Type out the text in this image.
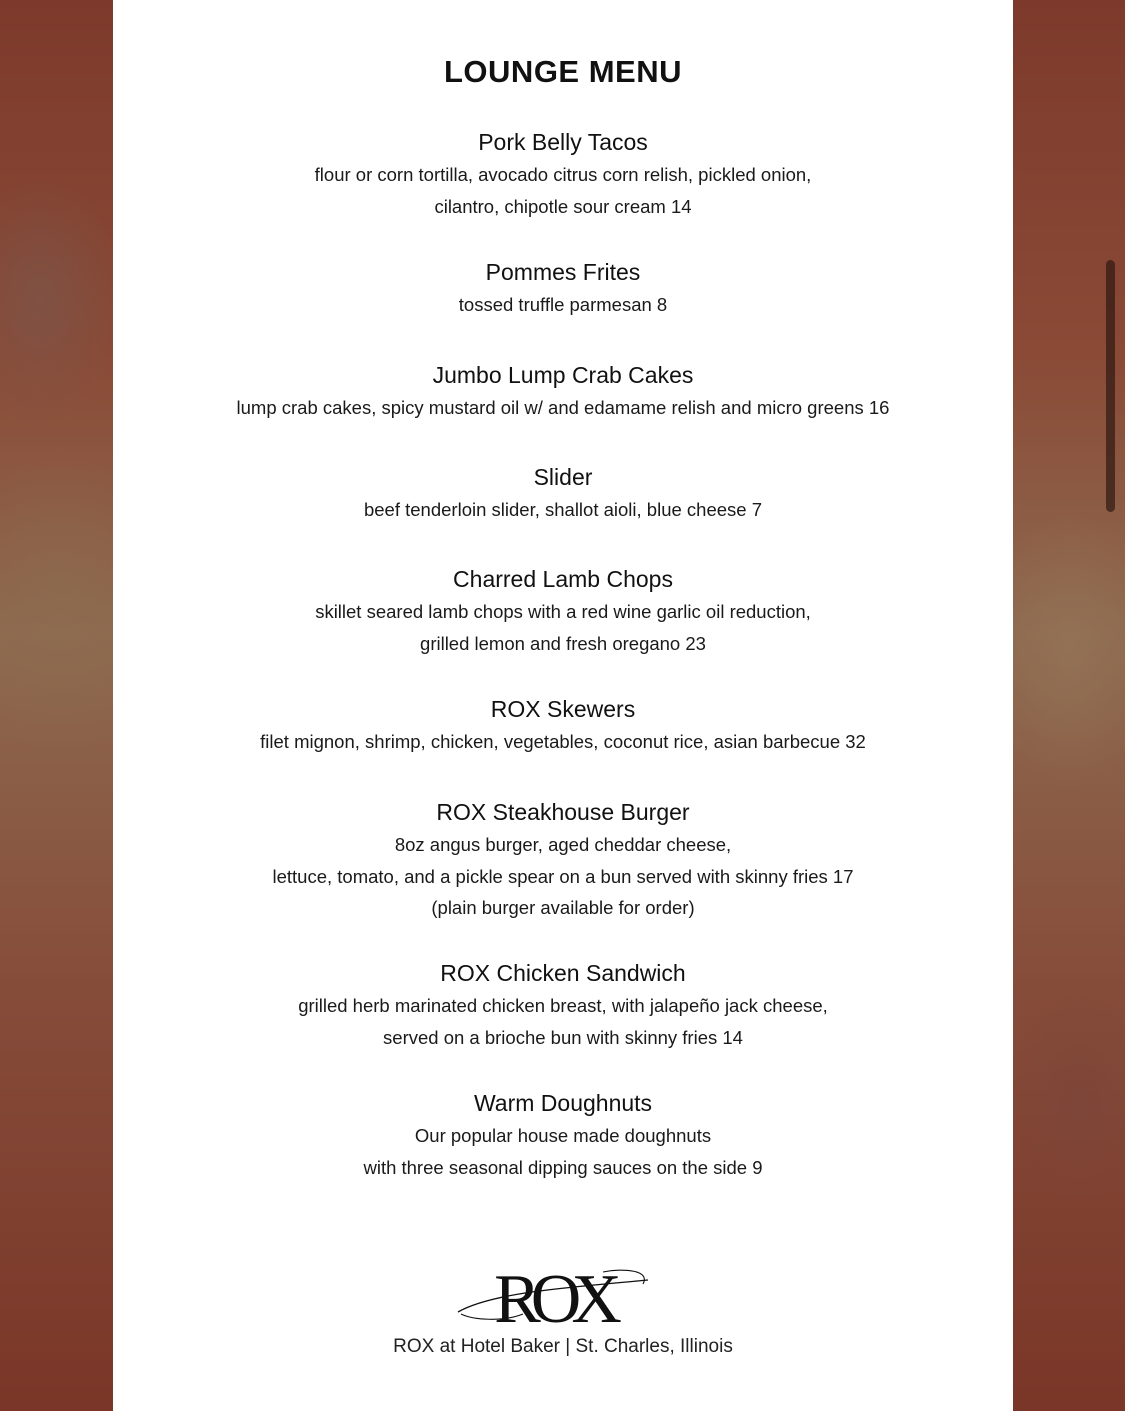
LOUNGE MENU
Pork Belly Tacos
flour or corn tortilla, avocado citrus corn relish, pickled onion,
cilantro, chipotle sour cream 14
Pommes Frites
tossed truffle parmesan 8
Jumbo Lump Crab Cakes
lump crab cakes, spicy mustard oil w/ and edamame relish and micro greens 16
Slider
beef tenderloin slider, shallot aioli, blue cheese 7
Charred Lamb Chops
skillet seared lamb chops with a red wine garlic oil reduction,
grilled lemon and fresh oregano 23
ROX Skewers
filet mignon, shrimp, chicken, vegetables, coconut rice, asian barbecue 32
ROX Steakhouse Burger
8oz angus burger, aged cheddar cheese,
lettuce, tomato, and a pickle spear on a bun served with skinny fries 17
(plain burger available for order)
ROX Chicken Sandwich
grilled herb marinated chicken breast, with jalapeño jack cheese,
served on a brioche bun with skinny fries 14
Warm Doughnuts
Our popular house made doughnuts
with three seasonal dipping sauces on the side 9
ROX
ROX at Hotel Baker | St. Charles, Illinois
